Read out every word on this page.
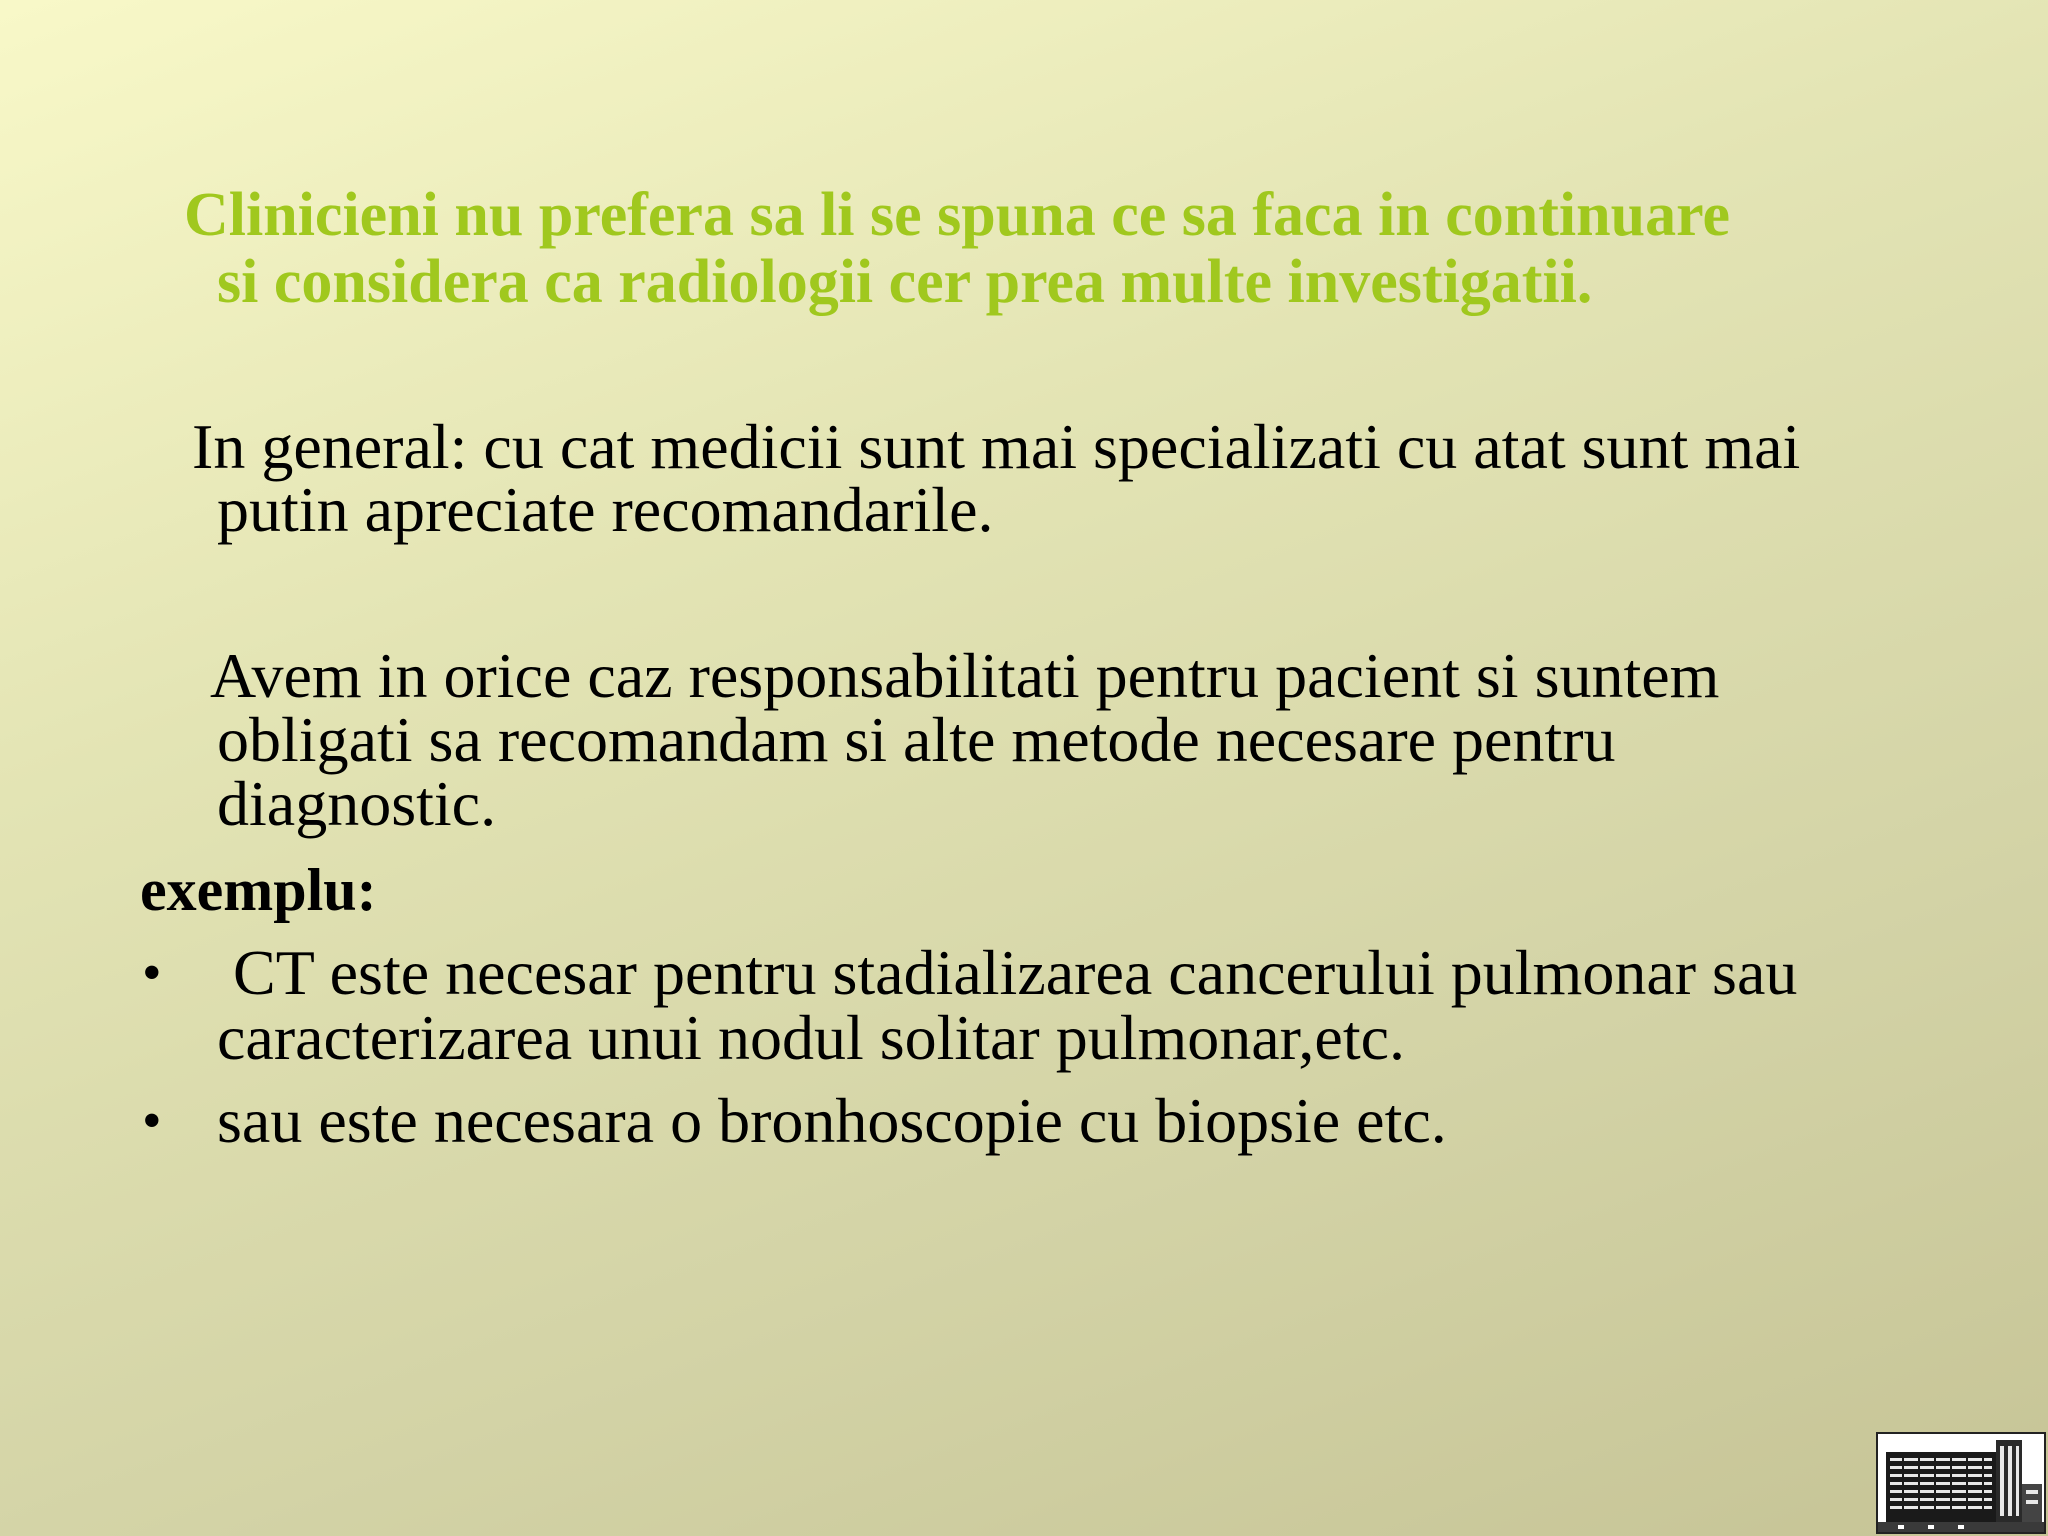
Clinicieni nu prefera sa li se spuna ce sa faca in continuare
si considera ca radiologii cer prea multe investigatii.
In general: cu cat medicii sunt mai specializati cu atat sunt mai
putin apreciate recomandarile.
Avem in orice caz responsabilitati pentru pacient si suntem
obligati sa recomandam si alte metode necesare pentru
diagnostic.
exemplu:
• CT este necesar pentru stadializarea cancerului pulmonar sau
caracterizarea unui nodul solitar pulmonar,etc.
• sau este necesara o bronhoscopie cu biopsie etc.
